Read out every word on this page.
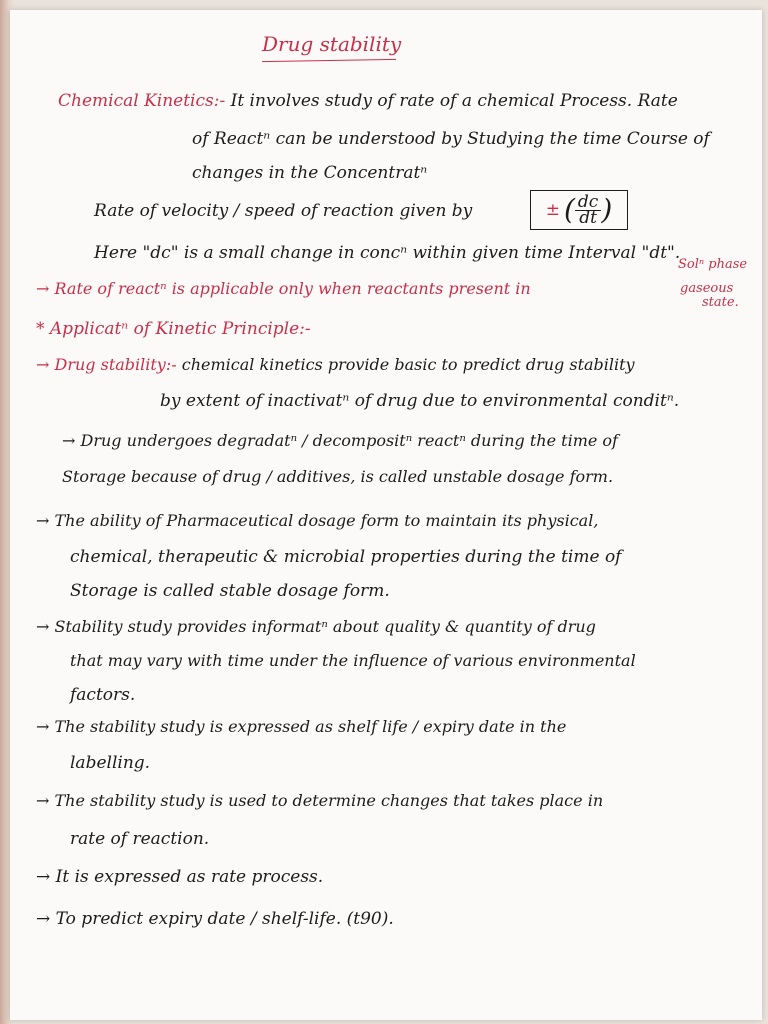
Drug stability
Chemical Kinetics:- It involves study of rate of a chemical Process. Rate
of Reactⁿ can be understood by Studying the time Course of
changes in the Concentratⁿ
Rate of velocity / speed of reaction given by	± ( $\frac{dc}{dt}$ )
Here "dc" is a small change in concⁿ within given time Interval "dt".
→ Rate of reactⁿ is applicable only when reactants present in
Solⁿ phase
gaseous
state.
* Applicatⁿ of Kinetic Principle:-
→ Drug stability:- chemical kinetics provide basic to predict drug stability
by extent of inactivatⁿ of drug due to environmental conditⁿ.
→ Drug undergoes degradatⁿ / decompositⁿ reactⁿ during the time of
Storage because of drug / additives, is called unstable dosage form.
→ The ability of Pharmaceutical dosage form to maintain its physical,
chemical, therapeutic & microbial properties during the time of
Storage is called stable dosage form.
→ Stability study provides informatⁿ about quality & quantity of drug
that may vary with time under the influence of various environmental
factors.
→ The stability study is expressed as shelf life / expiry date in the
labelling.
→ The stability study is used to determine changes that takes place in
rate of reaction.
→ It is expressed as rate process.
→ To predict expiry date / shelf-life. (t90).
